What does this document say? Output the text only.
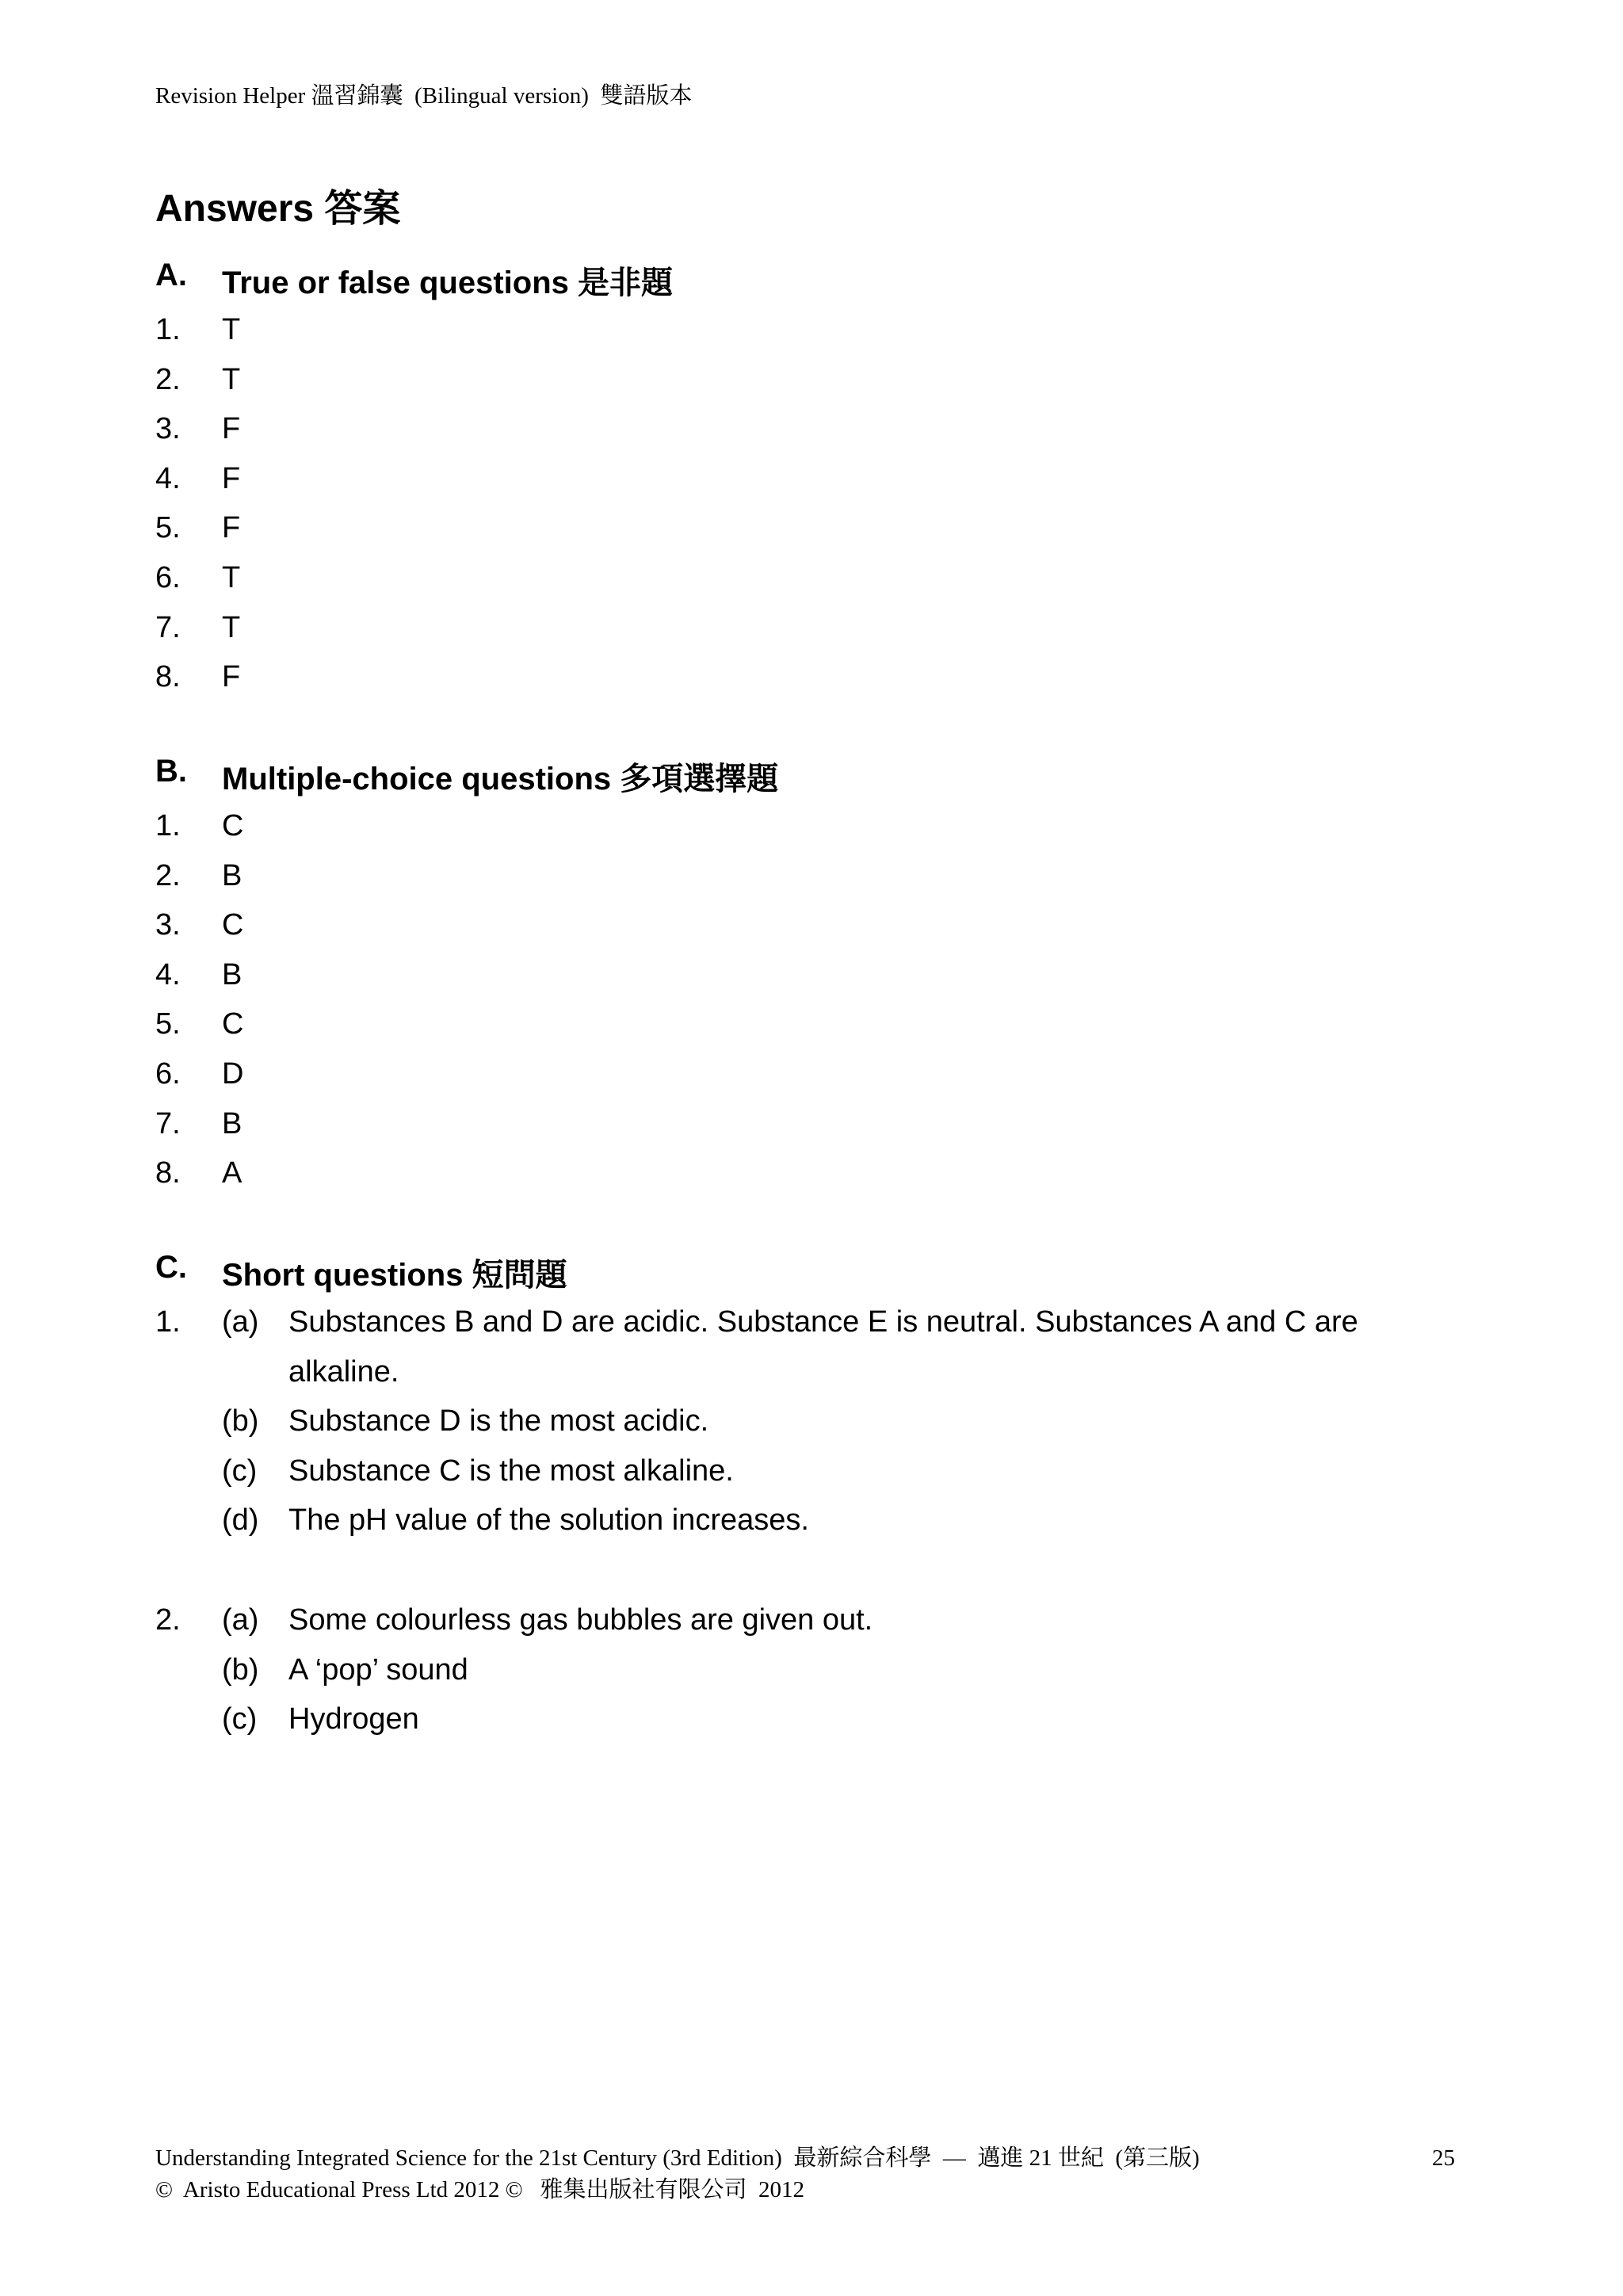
Revision Helper 溫習錦囊  (Bilingual version)  雙語版本
Answers 答案

A.

True or false questions 是非題

1. T
2. T
3. F
4. F
5. F
6. T
7. T
8. F

B.

Multiple-choice questions 多項選擇題

1. C
2. B
3. C
4. B
5. C
6. D
7. B
8. A

C.

Short questions 短問題

1. (a) Substances B and D are acidic. Substance E is neutral. Substances A and C are
alkaline.
(b) Substance D is the most acidic.
(c) Substance C is the most alkaline.
(d) The pH value of the solution increases.
2. (a) Some colourless gas bubbles are given out.
(b) A ‘pop’ sound
(c) Hydrogen
Understanding Integrated Science for the 21st Century (3rd Edition)  最新綜合科學  —  邁進 21 世紀  (第三版)
©  Aristo Educational Press Ltd 2012 ©   雅集出版社有限公司  2012
25
